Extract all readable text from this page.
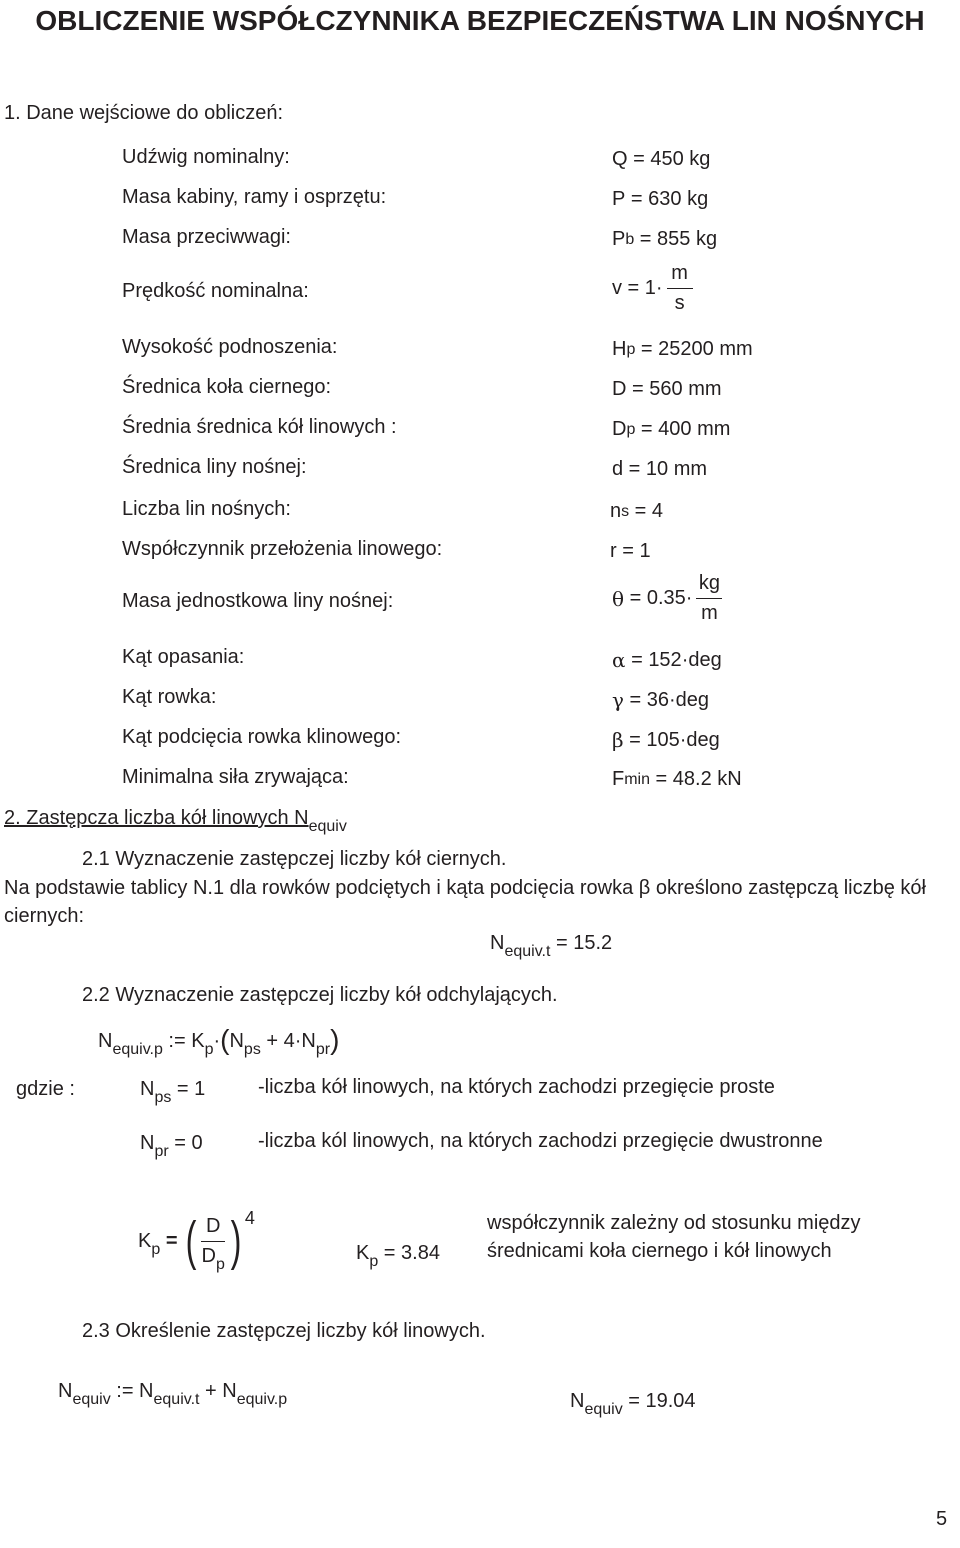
OBLICZENIE WSPÓŁCZYNNIKA BEZPIECZEŃSTWA LIN NOŚNYCH
1. Dane wejściowe do obliczeń:
Udźwig nominalny:	Q = 450
kg
Masa kabiny, ramy i osprzętu:	P = 630
kg
Masa przeciwwagi:	P b = 855
kg
Prędkość nominalna:	v = 1 ·
m
s
Wysokość podnoszenia:	H p = 25200
mm
Średnica koła ciernego:	D = 560
mm
Średnia średnica kół linowych :	D p = 400
mm
Średnica liny nośnej:	d = 10
mm
Liczba lin nośnych:	n s = 4
Współczynnik przełożenia linowego:	r = 1
Masa jednostkowa liny nośnej:	θ = 0.35 ·
kg
m
Kąt opasania:	α = 152 · deg
Kąt rowka:	γ = 36 · deg
Kąt podcięcia rowka klinowego:	β = 105 · deg
Minimalna siła zrywająca:	F min = 48.2
kN
2. Zastępcza liczba kół linowych $N_{equiv}$
2.1 Wyznaczenie zastępczej liczby kół ciernych.
Na podstawie tablicy N.1 dla rowków podciętych i kąta podcięcia rowka β określono zastępczą liczbę kół ciernych:
$N_{equiv.t} = 15.2$
2.2 Wyznaczenie zastępczej liczby kół odchylających.
$N_{equiv.p}$ := $K_p\cdot(N_{ps} + 4\cdot N_{pr})$
gdzie :	$N_{ps} = 1$	-liczba kół linowych, na których zachodzi przegięcie proste
$N_{pr} = 0$	-liczba kól linowych, na których zachodzi przegięcie dwustronne
$K_p$ = ( D
$D_p$ ) 4
$K_p = 3.84$
współczynnik zależny od stosunku między
średnicami koła ciernego i kół linowych
2.3 Określenie zastępczej liczby kół linowych.
$N_{equiv}$ := $N_{equiv.t} + N_{equiv.p}$	$N_{equiv} = 19.04$
5
